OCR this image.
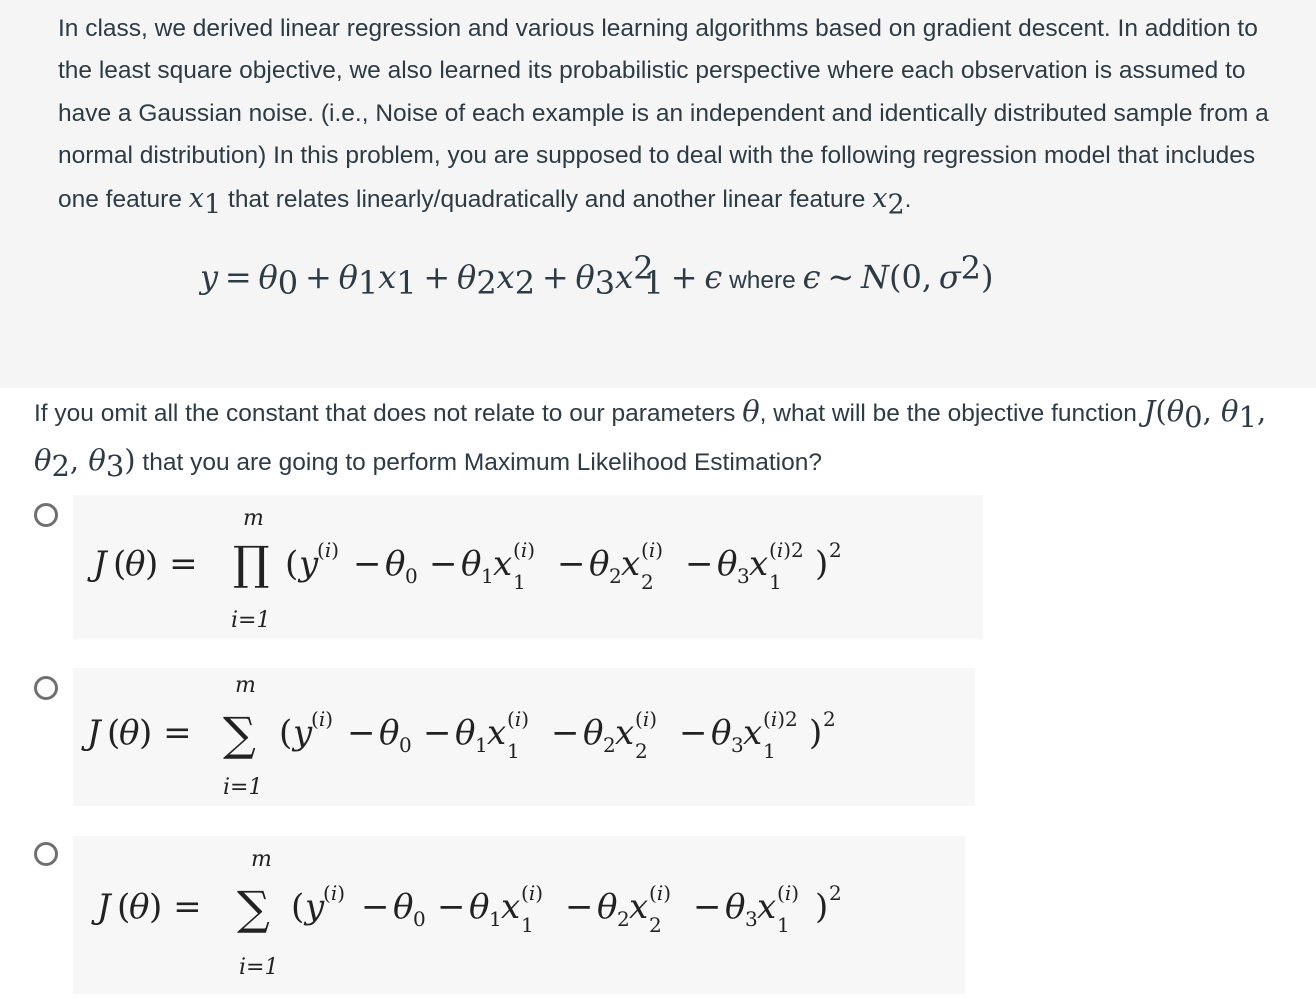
In class, we derived linear regression and various learning algorithms based on gradient descent. In addition to the least square objective, we also learned its probabilistic perspective where each observation is assumed to have a Gaussian noise. (i.e., Noise of each example is an independent and identically distributed sample from a normal distribution) In this problem, you are supposed to deal with the following regression model that includes one feature $x_1$ that relates linearly/quadratically and another linear feature $x_2$.
$y = \theta_0 + \theta_1x_1 + \theta_2x_2 + \theta_3x^2_1 + \epsilon$ where ϵ ∼ N(0, $\sigma^2$)
If you omit all the constant that does not relate to our parameters θ, what will be the objective function $J(\theta_0$, $\theta_1$, $\theta_2$, $\theta_3$) that you are going to perform Maximum Likelihood Estimation?
J (
θ ) = ∏
m
i=1
( y
(i) − θ 0 − θ 1 x (i)
1 − θ 2 x (i)
2 − θ 3 x (i)2
1 ) 2
J (
θ ) = ∑
m
i=1
( y
(i) − θ 0 − θ 1 x (i)
1 − θ 2 x (i)
2 − θ 3 x (i)2
1 ) 2
J (
θ ) = ∑
m
i=1
( y
(i) − θ 0 − θ 1 x (i)
1 − θ 2 x (i)
2 − θ 3 x (i)
1 ) 2
